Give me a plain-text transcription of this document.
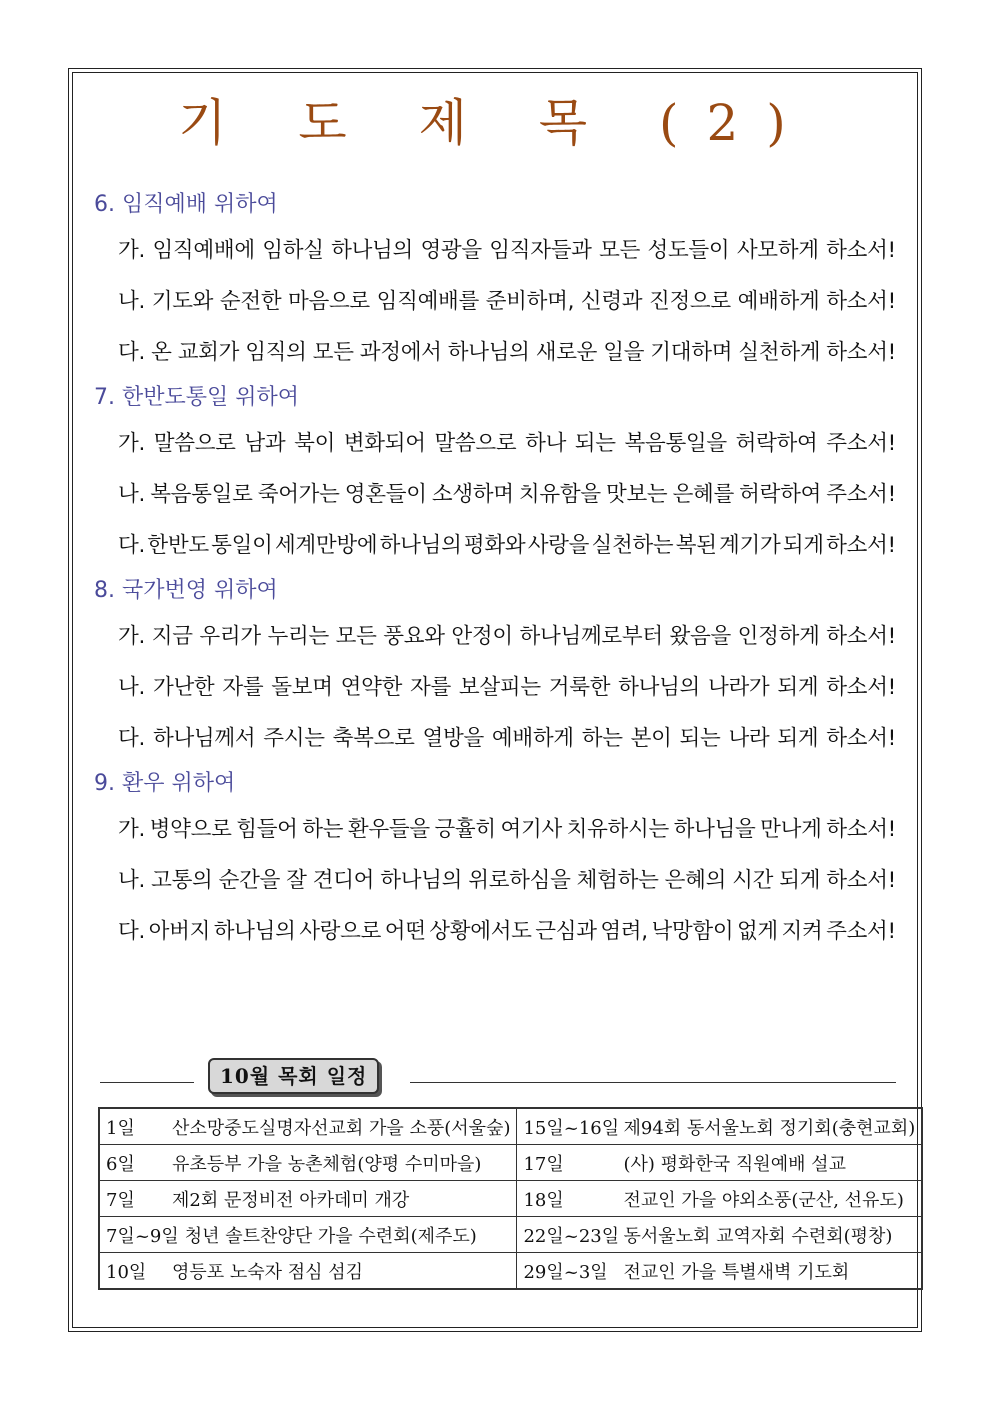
기 도 제 목 (2)
6. 임직예배 위하여
가. 임직예배에 임하실 하나님의 영광을 임직자들과 모든 성도들이 사모하게 하소서!
나. 기도와 순전한 마음으로 임직예배를 준비하며, 신령과 진정으로 예배하게 하소서!
다. 온 교회가 임직의 모든 과정에서 하나님의 새로운 일을 기대하며 실천하게 하소서!
7. 한반도통일 위하여
가. 말씀으로 남과 북이 변화되어 말씀으로 하나 되는 복음통일을 허락하여 주소서!
나. 복음통일로 죽어가는 영혼들이 소생하며 치유함을 맛보는 은혜를 허락하여 주소서!
다. 한반도 통일이 세계만방에 하나님의 평화와 사랑을 실천하는 복된 계기가 되게 하소서!
8. 국가번영 위하여
가. 지금 우리가 누리는 모든 풍요와 안정이 하나님께로부터 왔음을 인정하게 하소서!
나. 가난한 자를 돌보며 연약한 자를 보살피는 거룩한 하나님의 나라가 되게 하소서!
다. 하나님께서 주시는 축복으로 열방을 예배하게 하는 본이 되는 나라 되게 하소서!
9. 환우 위하여
가. 병약으로 힘들어 하는 환우들을 긍휼히 여기사 치유하시는 하나님을 만나게 하소서!
나. 고통의 순간을 잘 견디어 하나님의 위로하심을 체험하는 은혜의 시간 되게 하소서!
다. 아버지 하나님의 사랑으로 어떤 상황에서도 근심과 염려, 낙망함이 없게 지켜 주소서!
10월 목회 일정
1일 산소망중도실명자선교회 가을 소풍(서울숲)	15일~16일 제94회 동서울노회 정기회(충현교회)

6일 유초등부 가을 농촌체험(양평 수미마을)	17일 (사) 평화한국 직원예배 설교

7일 제2회 문정비전 아카데미 개강	18일 전교인 가을 야외소풍(군산, 선유도)

7일~9일 청년 솔트찬양단 가을 수련회(제주도)	22일~23일 동서울노회 교역자회 수련회(평창)

10일 영등포 노숙자 점심 섬김	29일~3일 전교인 가을 특별새벽 기도회
